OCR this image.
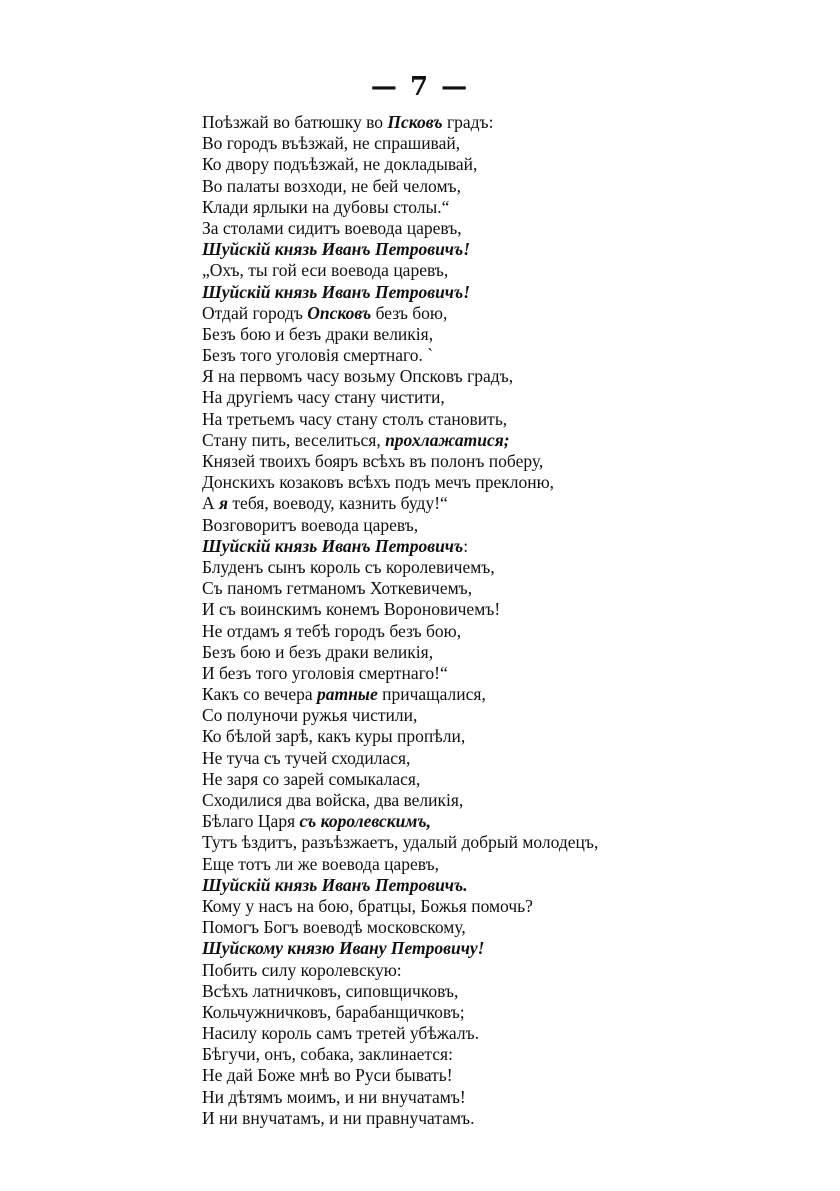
— 7 —
Поѣзжай во батюшку во Псковъ градъ:
Во городъ въѣзжай, не спрашивай,
Ко двору подъѣзжай, не докладывай,
Во палаты возходи, не бей челомъ,
Клади ярлыки на дубовы столы.“
За столами сидитъ воевода царевъ,
Шуйскій князь Иванъ Петровичъ!
„Охъ, ты гой еси воевода царевъ,
Шуйскій князь Иванъ Петровичъ!
Отдай городъ Опсковъ безъ бою,
Безъ бою и безъ драки великія,
Безъ того уголовія смертнаго. `
Я на первомъ часу возьму Опсковъ градъ,
На другіемъ часу стану чистити,
На третьемъ часу стану столъ становить,
Стану пить, веселиться, прохлажатися;
Князей твоихъ бояръ всѣхъ въ полонъ поберу,
Донскихъ козаковъ всѣхъ подъ мечъ преклоню,
А я тебя, воеводу, казнить буду!“
Возговоритъ воевода царевъ,
Шуйскій князь Иванъ Петровичъ:
Блуденъ сынъ король съ королевичемъ,
Съ паномъ гетманомъ Хоткевичемъ,
И съ воинскимъ конемъ Вороновичемъ!
Не отдамъ я тебѣ городъ безъ бою,
Безъ бою и безъ драки великія,
И безъ того уголовія смертнаго!“
Какъ со вечера ратные причащалися,
Со полуночи ружья чистили,
Ко бѣлой зарѣ, какъ куры пропѣли,
Не туча съ тучей сходилася,
Не заря со зарей сомыкалася,
Сходилися два войска, два великія,
Бѣлаго Царя съ королевскимъ,
Тутъ ѣздитъ, разъѣзжаетъ, удалый добрый молодецъ,
Еще тотъ ли же воевода царевъ,
Шуйскій князь Иванъ Петровичъ.
Кому у насъ на бою, братцы, Божья помочь?
Помогъ Богъ воеводѣ московскому,
Шуйскому князю Ивану Петровичу!
Побить силу королевскую:
Всѣхъ латничковъ, сиповщичковъ,
Кольчужничковъ, барабанщичковъ;
Насилу король самъ третей убѣжалъ.
Бѣгучи, онъ, собака, заклинается:
Не дай Боже мнѣ во Руси бывать!
Ни дѣтямъ моимъ, и ни внучатамъ!
И ни внучатамъ, и ни правнучатамъ.
